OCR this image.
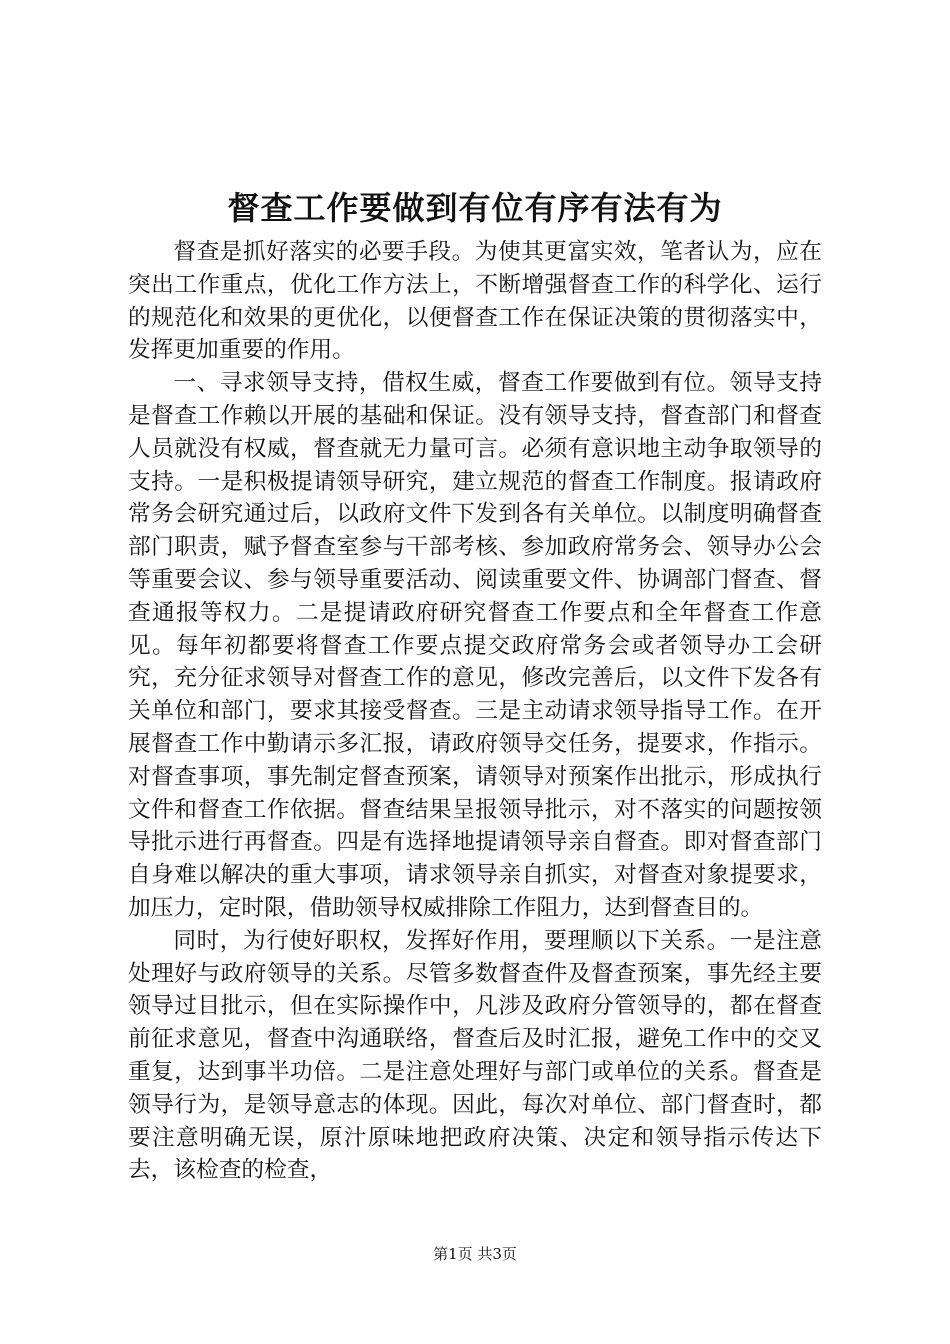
督查工作要做到有位有序有法有为

督查是抓好落实的必要手段。为使其更富实效，笔者认为，应在突出工作重点，优化工作方法上，不断增强督查工作的科学化、运行的规范化和效果的更优化，以便督查工作在保证决策的贯彻落实中，发挥更加重要的作用。

一、寻求领导支持，借权生威，督查工作要做到有位。领导支持是督查工作赖以开展的基础和保证。没有领导支持，督查部门和督查人员就没有权威，督查就无力量可言。必须有意识地主动争取领导的支持。一是积极提请领导研究，建立规范的督查工作制度。报请政府常务会研究通过后，以政府文件下发到各有关单位。以制度明确督查部门职责，赋予督查室参与干部考核、参加政府常务会、领导办公会等重要会议、参与领导重要活动、阅读重要文件、协调部门督查、督查通报等权力。二是提请政府研究督查工作要点和全年督查工作意见。每年初都要将督查工作要点提交政府常务会或者领导办工会研究，充分征求领导对督查工作的意见，修改完善后，以文件下发各有关单位和部门，要求其接受督查。三是主动请求领导指导工作。在开展督查工作中勤请示多汇报，请政府领导交任务，提要求，作指示。对督查事项，事先制定督查预案，请领导对预案作出批示，形成执行文件和督查工作依据。督查结果呈报领导批示，对不落实的问题按领导批示进行再督查。四是有选择地提请领导亲自督查。即对督查部门自身难以解决的重大事项，请求领导亲自抓实，对督查对象提要求，加压力，定时限，借助领导权威排除工作阻力，达到督查目的。

同时，为行使好职权，发挥好作用，要理顺以下关系。一是注意处理好与政府领导的关系。尽管多数督查件及督查预案，事先经主要领导过目批示，但在实际操作中，凡涉及政府分管领导的，都在督查前征求意见，督查中沟通联络，督查后及时汇报，避免工作中的交叉重复，达到事半功倍。二是注意处理好与部门或单位的关系。督查是领导行为，是领导意志的体现。因此，每次对单位、部门督查时，都要注意明确无误，原汁原味地把政府决策、决定和领导指示传达下去，该检查的检查，

第1页 共3页
